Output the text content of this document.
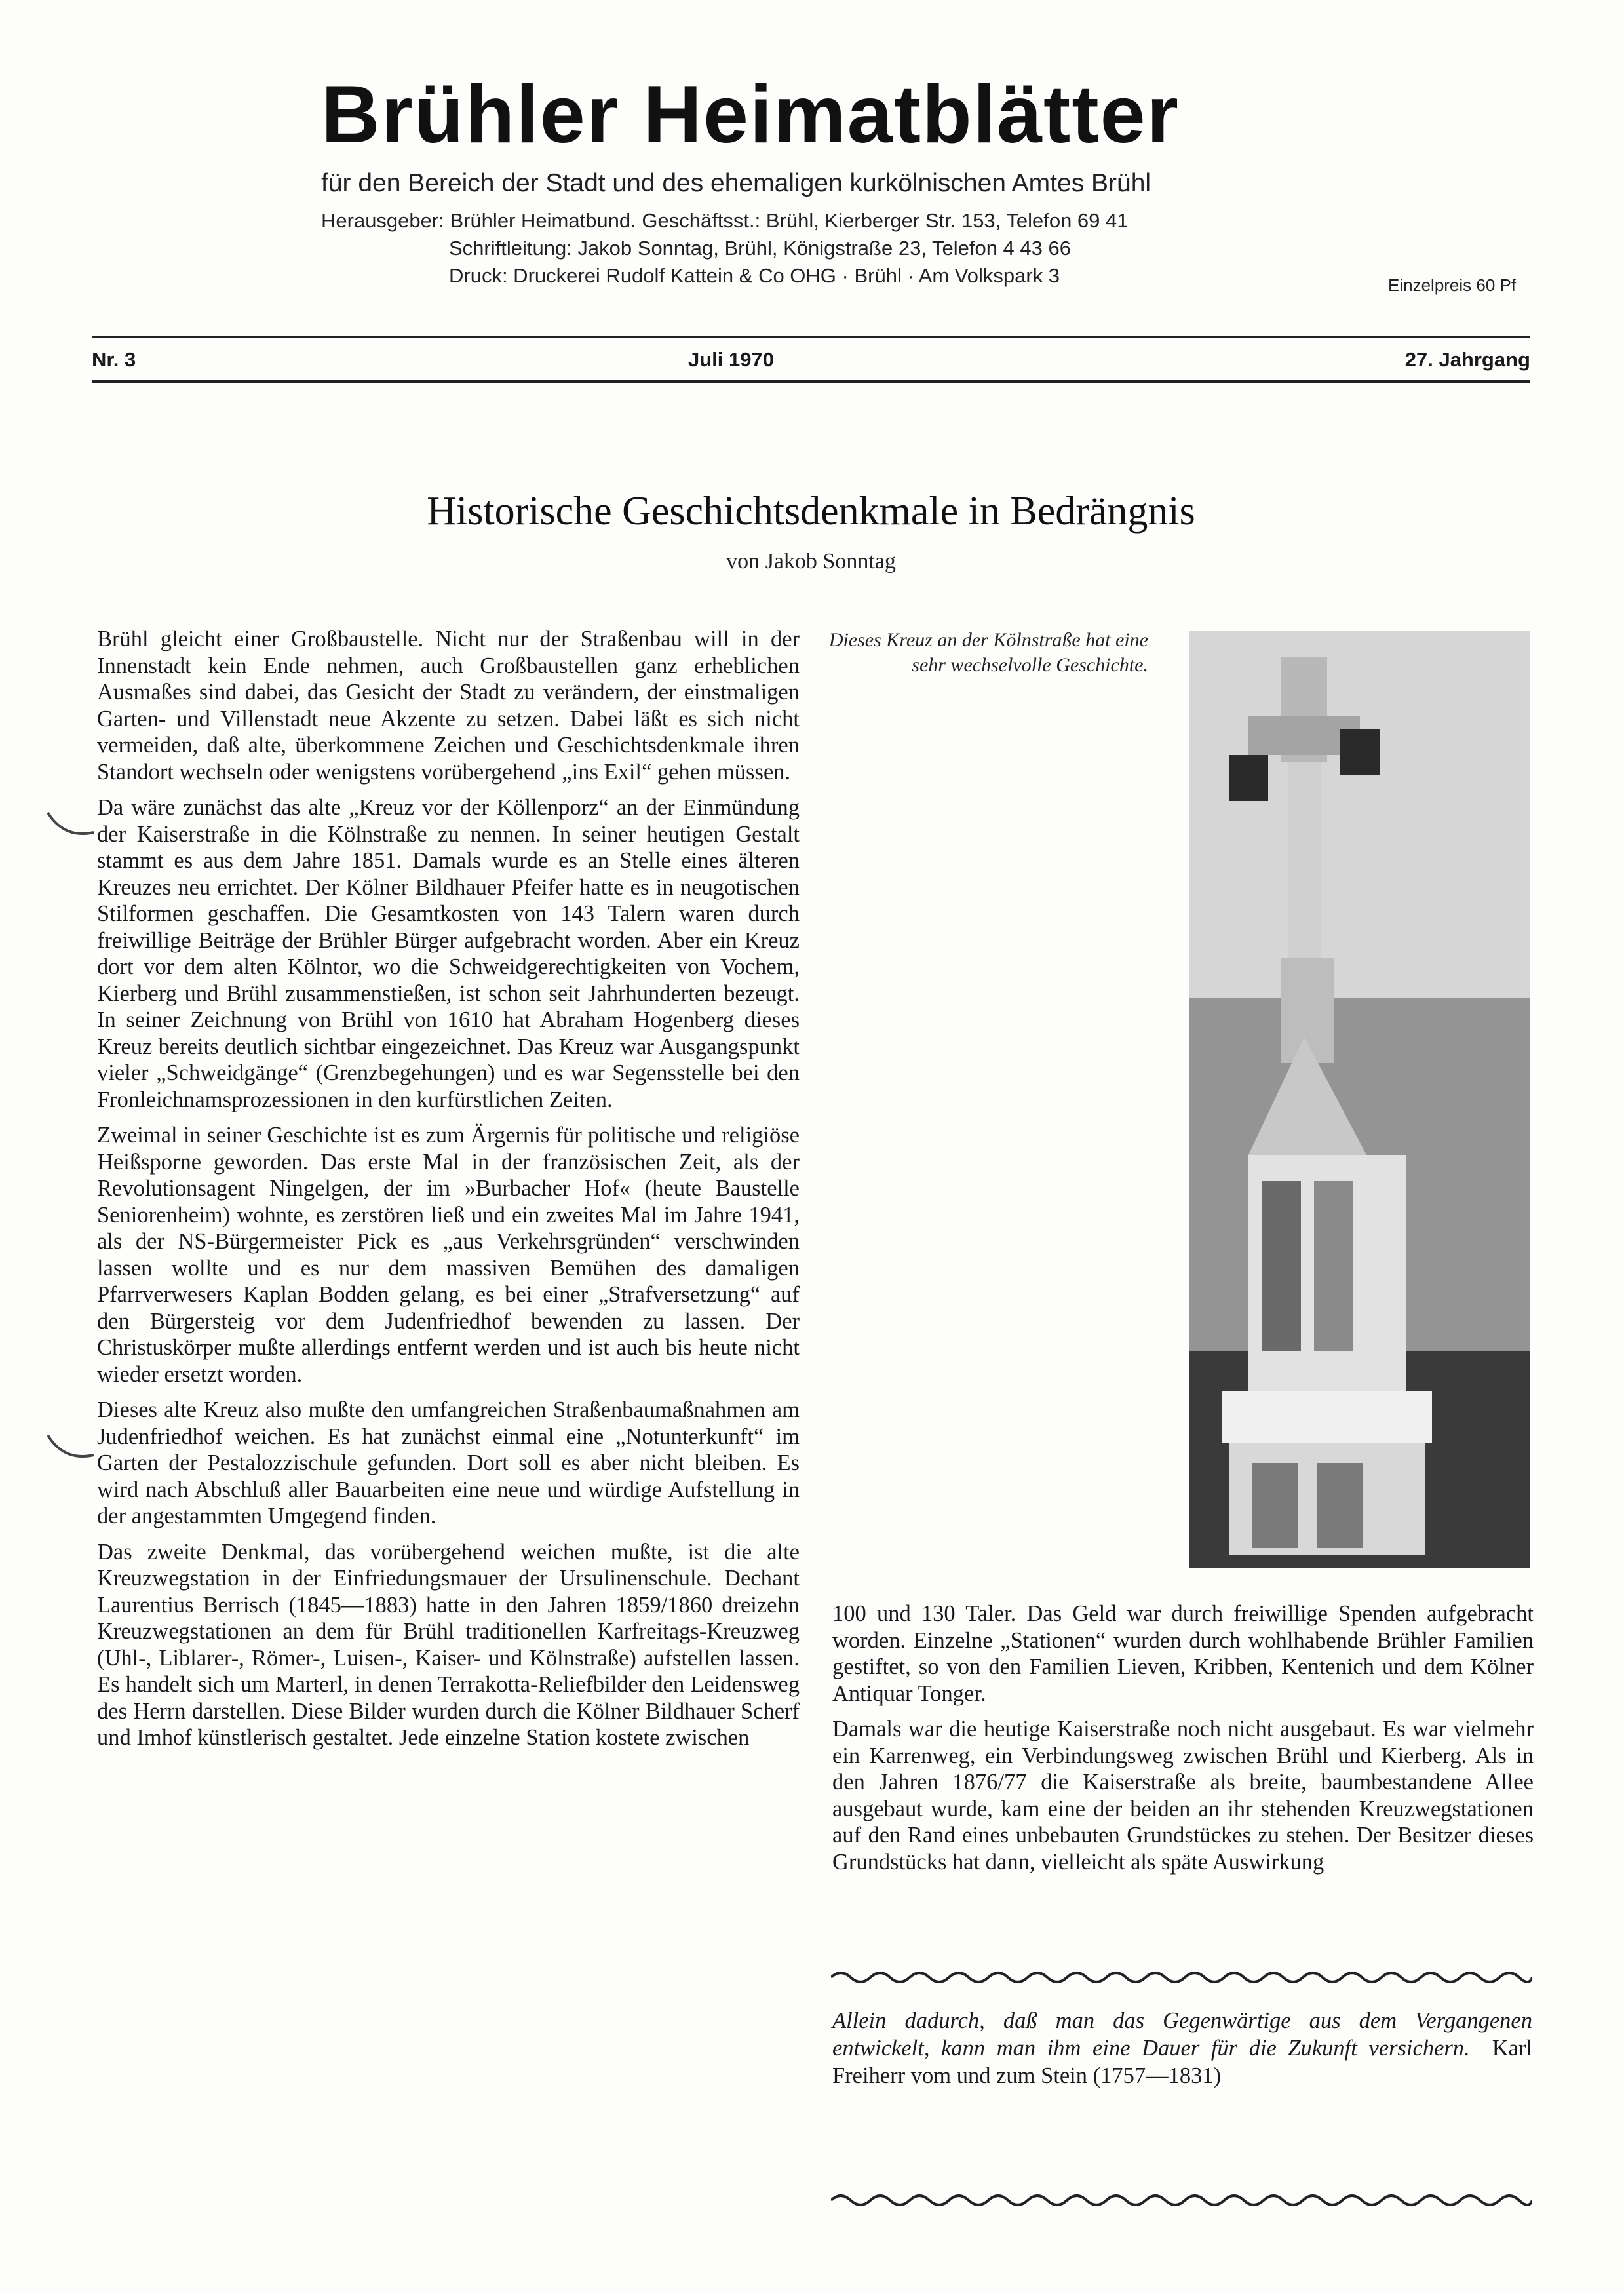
Brühler Heimatblätter
für den Bereich der Stadt und des ehemaligen kurkölnischen Amtes Brühl
Herausgeber: Brühler Heimatbund. Geschäftsst.: Brühl, Kierberger Str. 153, Telefon 69 41
Schriftleitung: Jakob Sonntag, Brühl, Königstraße 23, Telefon 4 43 66
Druck: Druckerei Rudolf Kattein & Co OHG · Brühl · Am Volkspark 3	Einzelpreis 60 Pf
Nr. 3	Juli 1970	27. Jahrgang
Historische Geschichtsdenkmale in Bedrängnis
von Jakob Sonntag

Brühl gleicht einer Großbaustelle. Nicht nur der Straßenbau will in der Innenstadt kein Ende nehmen, auch Großbaustellen ganz erheblichen Ausmaßes sind dabei, das Gesicht der Stadt zu verändern, der einstmaligen Garten- und Villenstadt neue Akzente zu setzen. Dabei läßt es sich nicht vermeiden, daß alte, überkommene Zeichen und Geschichtsdenkmale ihren Standort wechseln oder wenigstens vorübergehend „ins Exil“ gehen müssen.

Da wäre zunächst das alte „Kreuz vor der Köllenporz“ an der Einmündung der Kaiserstraße in die Kölnstraße zu nennen. In seiner heutigen Gestalt stammt es aus dem Jahre 1851. Damals wurde es an Stelle eines älteren Kreuzes neu errichtet. Der Kölner Bildhauer Pfeifer hatte es in neugotischen Stilformen geschaffen. Die Gesamtkosten von 143 Talern waren durch freiwillige Beiträge der Brühler Bürger aufgebracht worden. Aber ein Kreuz dort vor dem alten Kölntor, wo die Schweidgerechtigkeiten von Vochem, Kierberg und Brühl zusammenstießen, ist schon seit Jahrhunderten bezeugt. In seiner Zeichnung von Brühl von 1610 hat Abraham Hogenberg dieses Kreuz bereits deutlich sichtbar eingezeichnet. Das Kreuz war Ausgangspunkt vieler „Schweidgänge“ (Grenzbegehungen) und es war Segensstelle bei den Fronleichnamsprozessionen in den kurfürstlichen Zeiten.

Zweimal in seiner Geschichte ist es zum Ärgernis für politische und religiöse Heißsporne geworden. Das erste Mal in der französischen Zeit, als der Revolutionsagent Ningelgen, der im »Burbacher Hof« (heute Baustelle Seniorenheim) wohnte, es zerstören ließ und ein zweites Mal im Jahre 1941, als der NS-Bürgermeister Pick es „aus Verkehrsgründen“ verschwinden lassen wollte und es nur dem massiven Bemühen des damaligen Pfarrverwesers Kaplan Bodden gelang, es bei einer „Strafversetzung“ auf den Bürgersteig vor dem Judenfriedhof bewenden zu lassen. Der Christuskörper mußte allerdings entfernt werden und ist auch bis heute nicht wieder ersetzt worden.

Dieses alte Kreuz also mußte den umfangreichen Straßenbaumaßnahmen am Judenfriedhof weichen. Es hat zunächst einmal eine „Notunterkunft“ im Garten der Pestalozzischule gefunden. Dort soll es aber nicht bleiben. Es wird nach Abschluß aller Bauarbeiten eine neue und würdige Aufstellung in der angestammten Umgegend finden.

Das zweite Denkmal, das vorübergehend weichen mußte, ist die alte Kreuzwegstation in der Einfriedungsmauer der Ursulinenschule. Dechant Laurentius Berrisch (1845—1883) hatte in den Jahren 1859/1860 dreizehn Kreuzwegstationen an dem für Brühl traditionellen Karfreitags-Kreuzweg (Uhl-, Liblarer-, Römer-, Luisen-, Kaiser- und Kölnstraße) aufstellen lassen. Es handelt sich um Marterl, in denen Terrakotta-Reliefbilder den Leidensweg des Herrn darstellen. Diese Bilder wurden durch die Kölner Bildhauer Scherf und Imhof künstlerisch gestaltet. Jede einzelne Station kostete zwischen

Dieses Kreuz an der Kölnstraße hat eine sehr wechselvolle Geschichte.

100 und 130 Taler. Das Geld war durch freiwillige Spenden aufgebracht worden. Einzelne „Stationen“ wurden durch wohlhabende Brühler Familien gestiftet, so von den Familien Lieven, Kribben, Kentenich und dem Kölner Antiquar Tonger.

Damals war die heutige Kaiserstraße noch nicht ausgebaut. Es war vielmehr ein Karrenweg, ein Verbindungsweg zwischen Brühl und Kierberg. Als in den Jahren 1876/77 die Kaiserstraße als breite, baumbestandene Allee ausgebaut wurde, kam eine der beiden an ihr stehenden Kreuzwegstationen auf den Rand eines unbebauten Grundstückes zu stehen. Der Besitzer dieses Grundstücks hat dann, vielleicht als späte Auswirkung

Allein dadurch, daß man das Gegenwärtige aus dem Vergangenen entwickelt, kann man ihm eine Dauer für die Zukunft versichern. Karl Freiherr vom und zum Stein (1757—1831)
